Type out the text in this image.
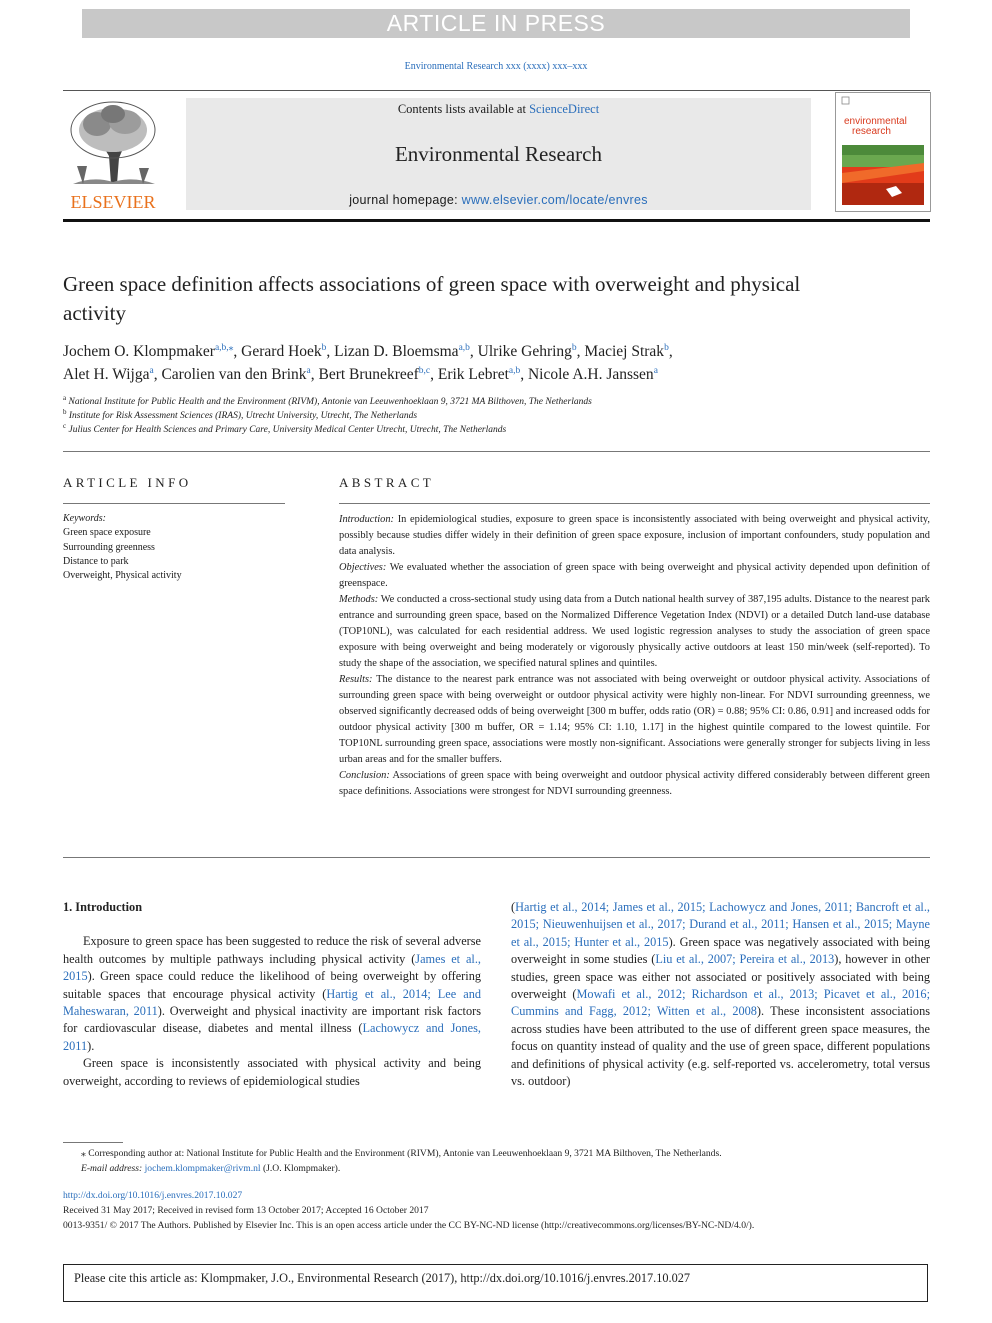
ARTICLE IN PRESS
Environmental Research xxx (xxxx) xxx–xxx
ELSEVIER
Contents lists available at ScienceDirect
Environmental Research
journal homepage: www.elsevier.com/locate/envres
environmental
research
Green space definition affects associations of green space with overweight and physical activity
Jochem O. Klompmaker$^{a,b,⁎}$, Gerard Hoek$^b$, Lizan D. Bloemsma$^{a,b}$, Ulrike Gehring$^b$, Maciej Strak$^b$,
Alet H. Wijga$^a$, Carolien van den Brink$^a$, Bert Brunekreef$^{b,c}$, Erik Lebret$^{a,b}$, Nicole A.H. Janssen$^a$
$^a$ National Institute for Public Health and the Environment (RIVM), Antonie van Leeuwenhoeklaan 9, 3721 MA Bilthoven, The Netherlands
$^b$ Institute for Risk Assessment Sciences (IRAS), Utrecht University, Utrecht, The Netherlands
$^c$ Julius Center for Health Sciences and Primary Care, University Medical Center Utrecht, Utrecht, The Netherlands
ARTICLE INFO	ABSTRACT
Keywords:
Green space exposure
Surrounding greenness
Distance to park
Overweight, Physical activity

Introduction: In epidemiological studies, exposure to green space is inconsistently associated with being overweight and physical activity, possibly because studies differ widely in their definition of green space exposure, inclusion of important confounders, study population and data analysis.

Objectives: We evaluated whether the association of green space with being overweight and physical activity depended upon definition of greenspace.

Methods: We conducted a cross-sectional study using data from a Dutch national health survey of 387,195 adults. Distance to the nearest park entrance and surrounding green space, based on the Normalized Difference Vegetation Index (NDVI) or a detailed Dutch land-use database (TOP10NL), was calculated for each residential address. We used logistic regression analyses to study the association of green space exposure with being overweight and being moderately or vigorously physically active outdoors at least 150 min/week (self-reported). To study the shape of the association, we specified natural splines and quintiles.

Results: The distance to the nearest park entrance was not associated with being overweight or outdoor physical activity. Associations of surrounding green space with being overweight or outdoor physical activity were highly non-linear. For NDVI surrounding greenness, we observed significantly decreased odds of being overweight [300 m buffer, odds ratio (OR) = 0.88; 95% CI: 0.86, 0.91] and increased odds for outdoor physical activity [300 m buffer, OR = 1.14; 95% CI: 1.10, 1.17] in the highest quintile compared to the lowest quintile. For TOP10NL surrounding green space, associations were mostly non-significant. Associations were generally stronger for subjects living in less urban areas and for the smaller buffers.

Conclusion: Associations of green space with being overweight and outdoor physical activity differed considerably between different green space definitions. Associations were strongest for NDVI surrounding greenness.

1. Introduction

Exposure to green space has been suggested to reduce the risk of several adverse health outcomes by multiple pathways including physical activity (James et al., 2015). Green space could reduce the likelihood of being overweight by offering suitable spaces that encourage physical activity (Hartig et al., 2014; Lee and Maheswaran, 2011). Overweight and physical inactivity are important risk factors for cardiovascular disease, diabetes and mental illness (Lachowycz and Jones, 2011).

Green space is inconsistently associated with physical activity and being overweight, according to reviews of epidemiological studies

(Hartig et al., 2014; James et al., 2015; Lachowycz and Jones, 2011; Bancroft et al., 2015; Nieuwenhuijsen et al., 2017; Durand et al., 2011; Hansen et al., 2015; Mayne et al., 2015; Hunter et al., 2015). Green space was negatively associated with being overweight in some studies (Liu et al., 2007; Pereira et al., 2013), however in other studies, green space was either not associated or positively associated with being overweight (Mowafi et al., 2012; Richardson et al., 2013; Picavet et al., 2016; Cummins and Fagg, 2012; Witten et al., 2008). These inconsistent associations across studies have been attributed to the use of different green space measures, the focus on quantity instead of quality and the use of green space, different populations and definitions of physical activity (e.g. self-reported vs. accelerometry, total versus vs. outdoor)

⁎ Corresponding author at: National Institute for Public Health and the Environment (RIVM), Antonie van Leeuwenhoeklaan 9, 3721 MA Bilthoven, The Netherlands.

E-mail address: jochem.klompmaker@rivm.nl (J.O. Klompmaker).

http://dx.doi.org/10.1016/j.envres.2017.10.027

Received 31 May 2017; Received in revised form 13 October 2017; Accepted 16 October 2017

0013-9351/ © 2017 The Authors. Published by Elsevier Inc. This is an open access article under the CC BY-NC-ND license (http://creativecommons.org/licenses/BY-NC-ND/4.0/).

Please cite this article as: Klompmaker, J.O., Environmental Research (2017), http://dx.doi.org/10.1016/j.envres.2017.10.027
